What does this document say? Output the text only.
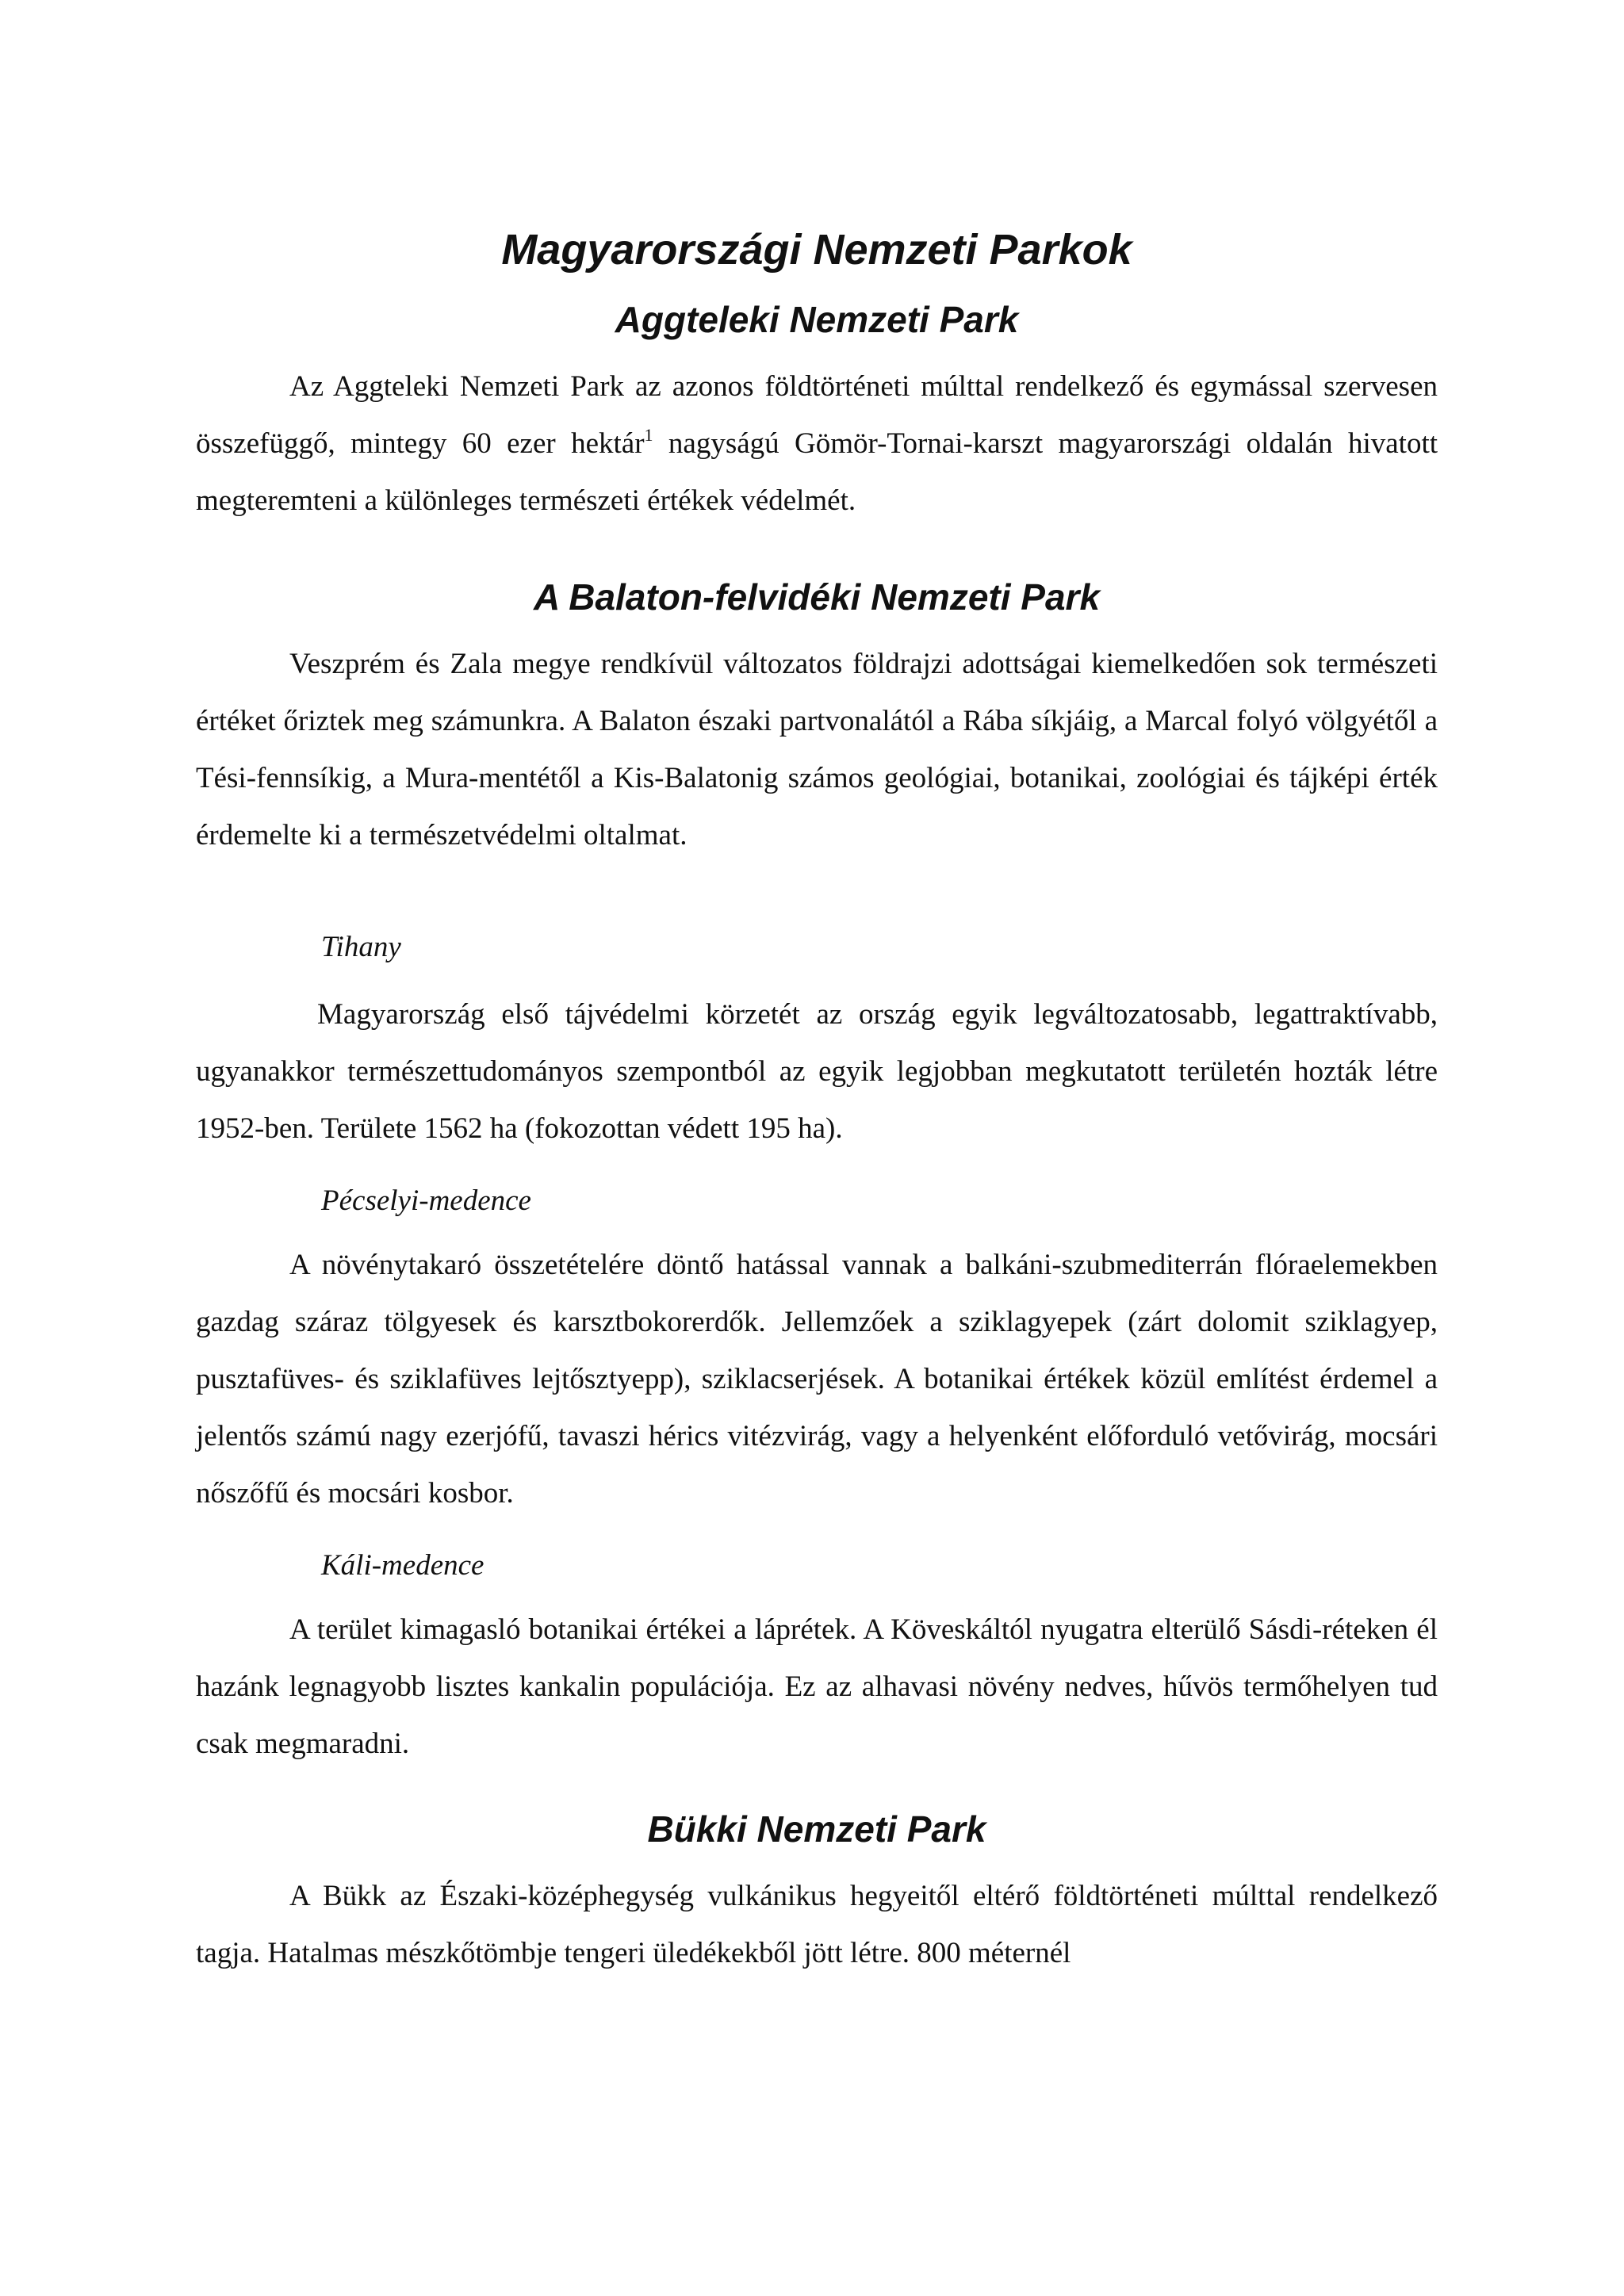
Magyarországi Nemzeti Parkok
Aggteleki Nemzeti Park

Az Aggteleki Nemzeti Park az azonos földtörténeti múlttal rendelkező és egymással szervesen összefüggő, mintegy 60 ezer hektár$^1$ nagyságú Gömör-Tornai-karszt magyarországi oldalán hivatott megteremteni a különleges természeti értékek védelmét.

A Balaton-felvidéki Nemzeti Park

Veszprém és Zala megye rendkívül változatos földrajzi adottságai kiemelkedően sok természeti értéket őriztek meg számunkra. A Balaton északi partvonalától a Rába síkjáig, a Marcal folyó völgyétől a Tési-fennsíkig, a Mura-mentétől a Kis-Balatonig számos geológiai, botanikai, zoológiai és tájképi érték érdemelte ki a természetvédelmi oltalmat.

Tihany

Magyarország első tájvédelmi körzetét az ország egyik legváltozatosabb, legattraktívabb, ugyanakkor természettudományos szempontból az egyik legjobban megkutatott területén hozták létre 1952-ben. Területe 1562 ha (fokozottan védett 195 ha).

Pécselyi-medence

A növénytakaró összetételére döntő hatással vannak a balkáni-szubmediterrán flóraelemekben gazdag száraz tölgyesek és karsztbokorerdők. Jellemzőek a sziklagyepek (zárt dolomit sziklagyep, pusztafüves- és sziklafüves lejtősztyepp), sziklacserjések. A botanikai értékek közül említést érdemel a jelentős számú nagy ezerjófű, tavaszi hérics vitézvirág, vagy a helyenként előforduló vetővirág, mocsári nőszőfű és mocsári kosbor.

Káli-medence

A terület kimagasló botanikai értékei a láprétek. A Köveskáltól nyugatra elterülő Sásdi-réteken él hazánk legnagyobb lisztes kankalin populációja. Ez az alhavasi növény nedves, hűvös termőhelyen tud csak megmaradni.

Bükki Nemzeti Park

A Bükk az Északi-középhegység vulkánikus hegyeitől eltérő földtörténeti múlttal rendelkező tagja. Hatalmas mészkőtömbje tengeri üledékekből jött létre. 800 méternél
